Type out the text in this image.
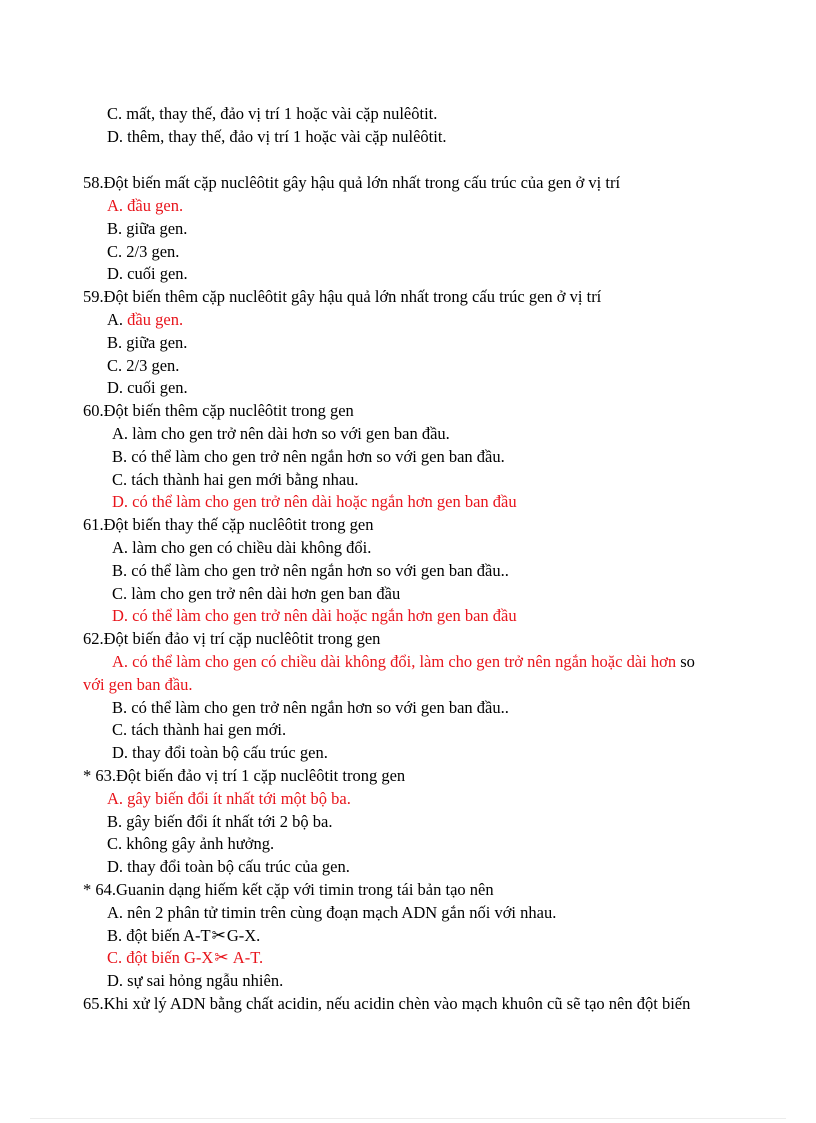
C. mất, thay thế, đảo vị trí 1 hoặc vài cặp nulêôtit.
D. thêm, thay thế, đảo vị trí 1 hoặc vài cặp nulêôtit.
58.Đột biến mất cặp nuclêôtit gây hậu quả lớn nhất trong cấu trúc của gen ở vị trí
A. đầu gen.
B. giữa gen.
C. 2/3 gen.
D. cuối gen.
59.Đột biến thêm cặp nuclêôtit gây hậu quả lớn nhất trong cấu trúc gen ở vị trí
A. đầu gen.
B. giữa gen.
C. 2/3 gen.
D. cuối gen.
60.Đột biến thêm cặp nuclêôtit trong gen
A. làm cho gen trở nên dài hơn so với gen ban đầu.
B. có thể làm cho gen trở nên ngắn hơn so với gen ban đầu.
C. tách thành hai gen mới bằng nhau.
D. có thể làm cho gen trở nên dài hoặc ngắn hơn gen ban đầu
61.Đột biến thay thế cặp nuclêôtit trong gen
A. làm cho gen có chiều dài không đổi.
B. có thể làm cho gen trở nên ngắn hơn so với gen ban đầu..
C. làm cho gen trở nên dài hơn gen ban đầu
D. có thể làm cho gen trở nên dài hoặc ngắn hơn gen ban đầu
62.Đột biến đảo vị trí cặp nuclêôtit trong gen
A. có thể làm cho gen có chiều dài không đổi, làm cho gen trở nên ngắn hoặc dài hơn so
với gen ban đầu.
B. có thể làm cho gen trở nên ngắn hơn so với gen ban đầu..
C. tách thành hai gen mới.
D. thay đổi toàn bộ cấu trúc gen.
* 63.Đột biến đảo vị trí 1 cặp nuclêôtit trong gen
A. gây biến đổi ít nhất tới một bộ ba.
B. gây biến đổi ít nhất tới 2 bộ ba.
C. không gây ảnh hưởng.
D. thay đổi toàn bộ cấu trúc của gen.
* 64.Guanin dạng hiếm kết cặp với timin trong tái bản tạo nên
A. nên 2 phân tử timin trên cùng đoạn mạch ADN gắn nối với nhau.
B. đột biến A-T✂G-X.
C. đột biến G-X✂ A-T.
D. sự sai hỏng ngẫu nhiên.
65.Khi xử lý ADN bằng chất acidin, nếu acidin chèn vào mạch khuôn cũ sẽ tạo nên đột biến
